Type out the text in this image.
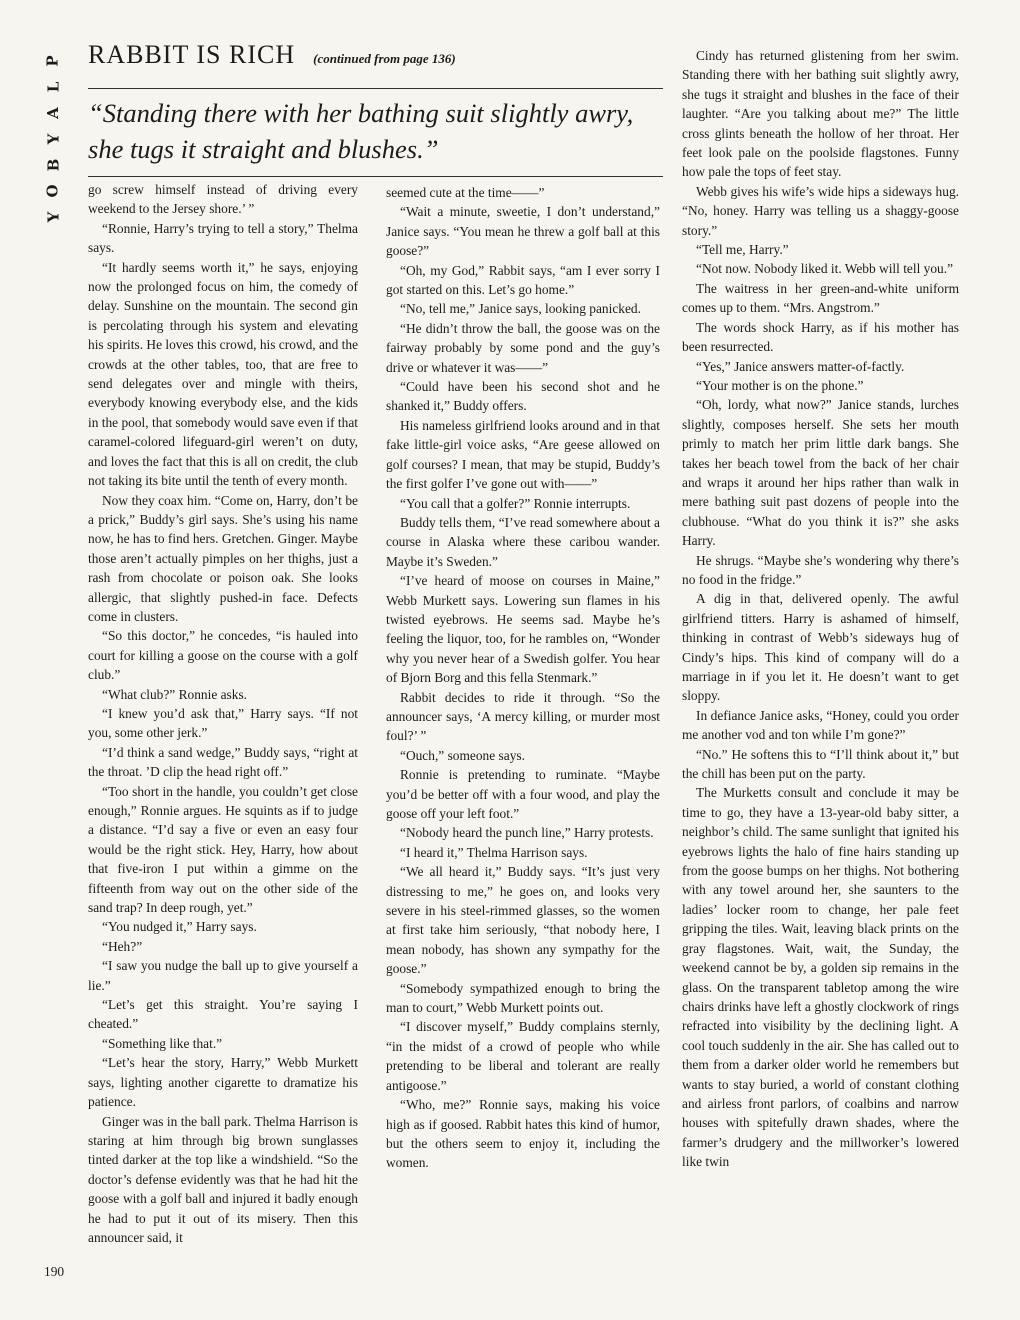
P
L
A
Y
B
O
Y
RABBIT IS RICH (continued from page 136)
“Standing there with her bathing suit slightly awry, she tugs it straight and blushes.”

go screw himself instead of driving every weekend to the Jersey shore.’ ”

“Ronnie, Harry’s trying to tell a story,” Thelma says.

“It hardly seems worth it,” he says, enjoying now the prolonged focus on him, the comedy of delay. Sunshine on the mountain. The second gin is percolating through his system and elevating his spirits. He loves this crowd, his crowd, and the crowds at the other tables, too, that are free to send delegates over and mingle with theirs, everybody knowing everybody else, and the kids in the pool, that somebody would save even if that caramel-colored lifeguard-girl weren’t on duty, and loves the fact that this is all on credit, the club not taking its bite until the tenth of every month.

Now they coax him. “Come on, Harry, don’t be a prick,” Buddy’s girl says. She’s using his name now, he has to find hers. Gretchen. Ginger. Maybe those aren’t actually pimples on her thighs, just a rash from chocolate or poison oak. She looks allergic, that slightly pushed-in face. Defects come in clusters.

“So this doctor,” he concedes, “is hauled into court for killing a goose on the course with a golf club.”

“What club?” Ronnie asks.

“I knew you’d ask that,” Harry says. “If not you, some other jerk.”

“I’d think a sand wedge,” Buddy says, “right at the throat. ’D clip the head right off.”

“Too short in the handle, you couldn’t get close enough,” Ronnie argues. He squints as if to judge a distance. “I’d say a five or even an easy four would be the right stick. Hey, Harry, how about that five-iron I put within a gimme on the fifteenth from way out on the other side of the sand trap? In deep rough, yet.”

“You nudged it,” Harry says.

“Heh?”

“I saw you nudge the ball up to give yourself a lie.”

“Let’s get this straight. You’re saying I cheated.”

“Something like that.”

“Let’s hear the story, Harry,” Webb Murkett says, lighting another cigarette to dramatize his patience.

Ginger was in the ball park. Thelma Harrison is staring at him through big brown sunglasses tinted darker at the top like a windshield. “So the doctor’s defense evidently was that he had hit the goose with a golf ball and injured it badly enough he had to put it out of its misery. Then this announcer said, it

seemed cute at the time——”

“Wait a minute, sweetie, I don’t understand,” Janice says. “You mean he threw a golf ball at this goose?”

“Oh, my God,” Rabbit says, “am I ever sorry I got started on this. Let’s go home.”

“No, tell me,” Janice says, looking panicked.

“He didn’t throw the ball, the goose was on the fairway probably by some pond and the guy’s drive or whatever it was——”

“Could have been his second shot and he shanked it,” Buddy offers.

His nameless girlfriend looks around and in that fake little-girl voice asks, “Are geese allowed on golf courses? I mean, that may be stupid, Buddy’s the first golfer I’ve gone out with——”

“You call that a golfer?” Ronnie interrupts.

Buddy tells them, “I’ve read somewhere about a course in Alaska where these caribou wander. Maybe it’s Sweden.”

“I’ve heard of moose on courses in Maine,” Webb Murkett says. Lowering sun flames in his twisted eyebrows. He seems sad. Maybe he’s feeling the liquor, too, for he rambles on, “Wonder why you never hear of a Swedish golfer. You hear of Bjorn Borg and this fella Stenmark.”

Rabbit decides to ride it through. “So the announcer says, ‘A mercy killing, or murder most foul?’ ”

“Ouch,” someone says.

Ronnie is pretending to ruminate. “Maybe you’d be better off with a four wood, and play the goose off your left foot.”

“Nobody heard the punch line,” Harry protests.

“I heard it,” Thelma Harrison says.

“We all heard it,” Buddy says. “It’s just very distressing to me,” he goes on, and looks very severe in his steel-rimmed glasses, so the women at first take him seriously, “that nobody here, I mean nobody, has shown any sympathy for the goose.”

“Somebody sympathized enough to bring the man to court,” Webb Murkett points out.

“I discover myself,” Buddy complains sternly, “in the midst of a crowd of people who while pretending to be liberal and tolerant are really antigoose.”

“Who, me?” Ronnie says, making his voice high as if goosed. Rabbit hates this kind of humor, but the others seem to enjoy it, including the women.

Cindy has returned glistening from her swim. Standing there with her bathing suit slightly awry, she tugs it straight and blushes in the face of their laughter. “Are you talking about me?” The little cross glints beneath the hollow of her throat. Her feet look pale on the poolside flagstones. Funny how pale the tops of feet stay.

Webb gives his wife’s wide hips a sideways hug. “No, honey. Harry was telling us a shaggy-goose story.”

“Tell me, Harry.”

“Not now. Nobody liked it. Webb will tell you.”

The waitress in her green-and-white uniform comes up to them. “Mrs. Angstrom.”

The words shock Harry, as if his mother has been resurrected.

“Yes,” Janice answers matter-of-factly.

“Your mother is on the phone.”

“Oh, lordy, what now?” Janice stands, lurches slightly, composes herself. She sets her mouth primly to match her prim little dark bangs. She takes her beach towel from the back of her chair and wraps it around her hips rather than walk in mere bathing suit past dozens of people into the clubhouse. “What do you think it is?” she asks Harry.

He shrugs. “Maybe she’s wondering why there’s no food in the fridge.”

A dig in that, delivered openly. The awful girlfriend titters. Harry is ashamed of himself, thinking in contrast of Webb’s sideways hug of Cindy’s hips. This kind of company will do a marriage in if you let it. He doesn’t want to get sloppy.

In defiance Janice asks, “Honey, could you order me another vod and ton while I’m gone?”

“No.” He softens this to “I’ll think about it,” but the chill has been put on the party.

The Murketts consult and conclude it may be time to go, they have a 13-year-old baby sitter, a neighbor’s child. The same sunlight that ignited his eyebrows lights the halo of fine hairs standing up from the goose bumps on her thighs. Not bothering with any towel around her, she saunters to the ladies’ locker room to change, her pale feet gripping the tiles. Wait, leaving black prints on the gray flagstones. Wait, wait, the Sunday, the weekend cannot be by, a golden sip remains in the glass. On the transparent tabletop among the wire chairs drinks have left a ghostly clockwork of rings refracted into visibility by the declining light. A cool touch suddenly in the air. She has called out to them from a darker older world he remembers but wants to stay buried, a world of constant clothing and airless front parlors, of coalbins and narrow houses with spitefully drawn shades, where the farmer’s drudgery and the millworker’s lowered like twin

190
